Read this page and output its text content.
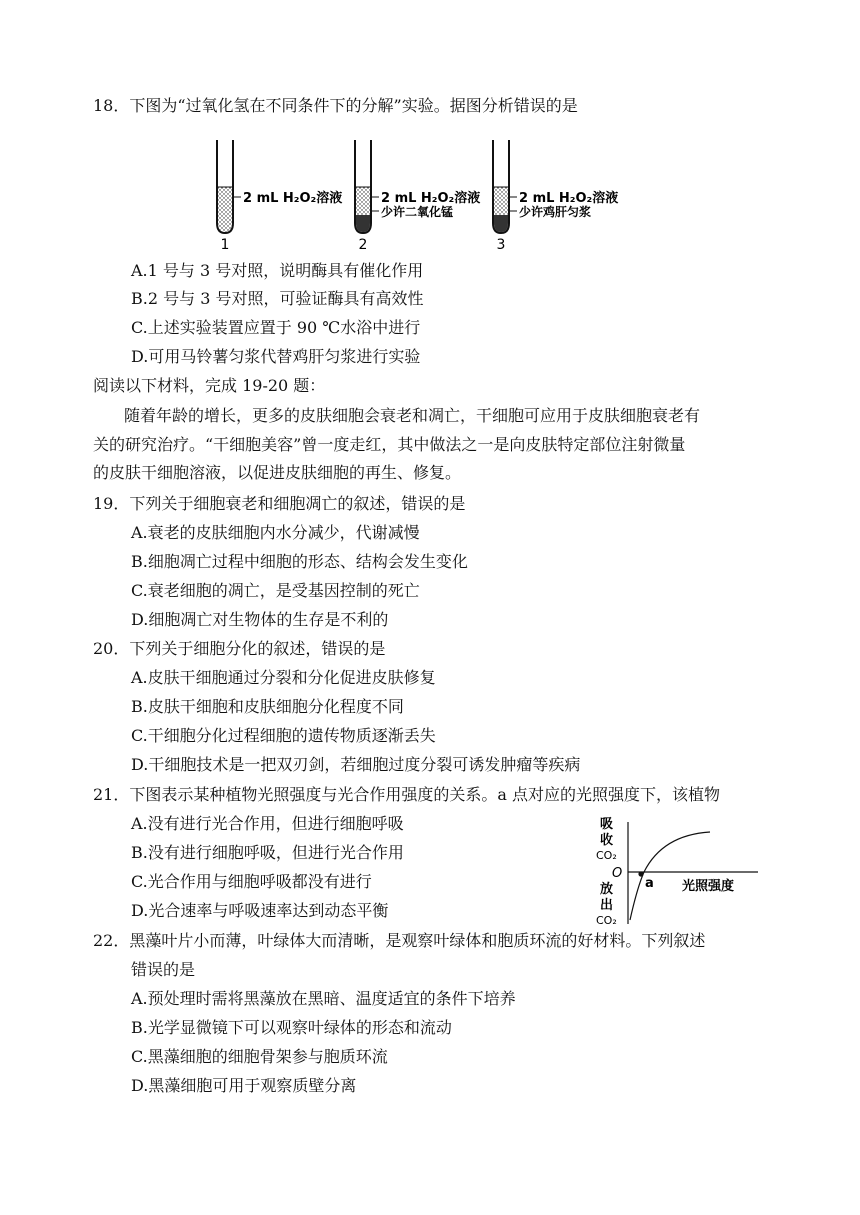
18．下图为“过氧化氢在不同条件下的分解”实验。据图分析错误的是
2 mL H₂O₂溶液
1
2 mL H₂O₂溶液
少许二氧化锰
2
2 mL H₂O₂溶液
少许鸡肝匀浆
3
A.1 号与 3 号对照，说明酶具有催化作用
B.2 号与 3 号对照，可验证酶具有高效性
C.上述实验装置应置于 90 ℃水浴中进行
D.可用马铃薯匀浆代替鸡肝匀浆进行实验
阅读以下材料，完成 19-20 题：
随着年龄的增长，更多的皮肤细胞会衰老和凋亡，干细胞可应用于皮肤细胞衰老有
关的研究治疗。“干细胞美容”曾一度走红，其中做法之一是向皮肤特定部位注射微量
的皮肤干细胞溶液，以促进皮肤细胞的再生、修复。
19．下列关于细胞衰老和细胞凋亡的叙述，错误的是
A.衰老的皮肤细胞内水分减少，代谢减慢
B.细胞凋亡过程中细胞的形态、结构会发生变化
C.衰老细胞的凋亡，是受基因控制的死亡
D.细胞凋亡对生物体的生存是不利的
20．下列关于细胞分化的叙述，错误的是
A.皮肤干细胞通过分裂和分化促进皮肤修复
B.皮肤干细胞和皮肤细胞分化程度不同
C.干细胞分化过程细胞的遗传物质逐渐丢失
D.干细胞技术是一把双刃剑，若细胞过度分裂可诱发肿瘤等疾病
21．下图表示某种植物光照强度与光合作用强度的关系。a 点对应的光照强度下，该植物
A.没有进行光合作用，但进行细胞呼吸
B.没有进行细胞呼吸，但进行光合作用
C.光合作用与细胞呼吸都没有进行
D.光合速率与呼吸速率达到动态平衡
a
吸
收
CO₂
O
放
出
CO₂
光照强度
22．黑藻叶片小而薄，叶绿体大而清晰，是观察叶绿体和胞质环流的好材料。下列叙述
错误的是
A.预处理时需将黑藻放在黑暗、温度适宜的条件下培养
B.光学显微镜下可以观察叶绿体的形态和流动
C.黑藻细胞的细胞骨架参与胞质环流
D.黑藻细胞可用于观察质壁分离
